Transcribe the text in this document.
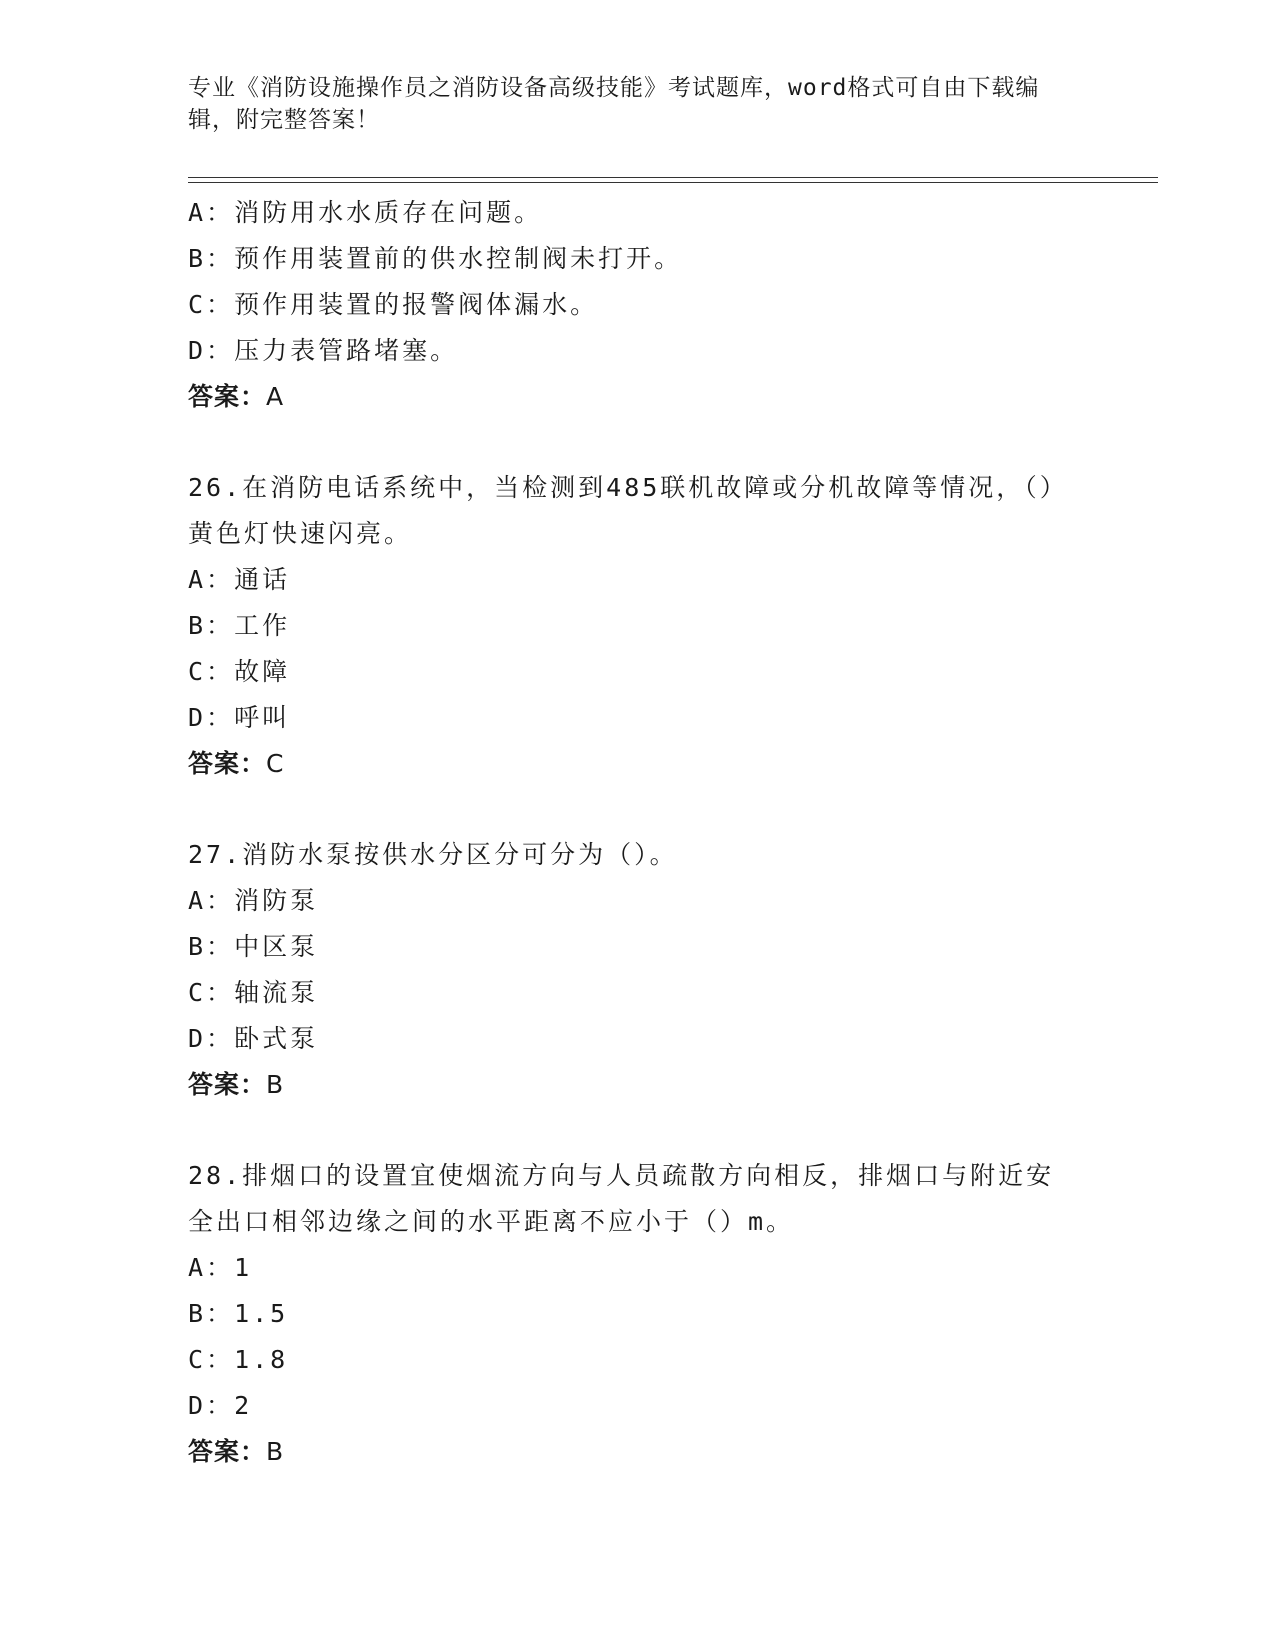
专业《消防设施操作员之消防设备高级技能》考试题库，word格式可自由下载编辑，附完整答案！
A：消防用水水质存在问题。
B：预作用装置前的供水控制阀未打开。
C：预作用装置的报警阀体漏水。
D：压力表管路堵塞。
答案：A
26.在消防电话系统中，当检测到485联机故障或分机故障等情况，（）黄色灯快速闪亮。
A：通话
B：工作
C：故障
D：呼叫
答案：C
27.消防水泵按供水分区分可分为（）。
A：消防泵
B：中区泵
C：轴流泵
D：卧式泵
答案：B
28.排烟口的设置宜使烟流方向与人员疏散方向相反，排烟口与附近安全出口相邻边缘之间的水平距离不应小于（）m。
A：1
B：1.5
C：1.8
D：2
答案：B
